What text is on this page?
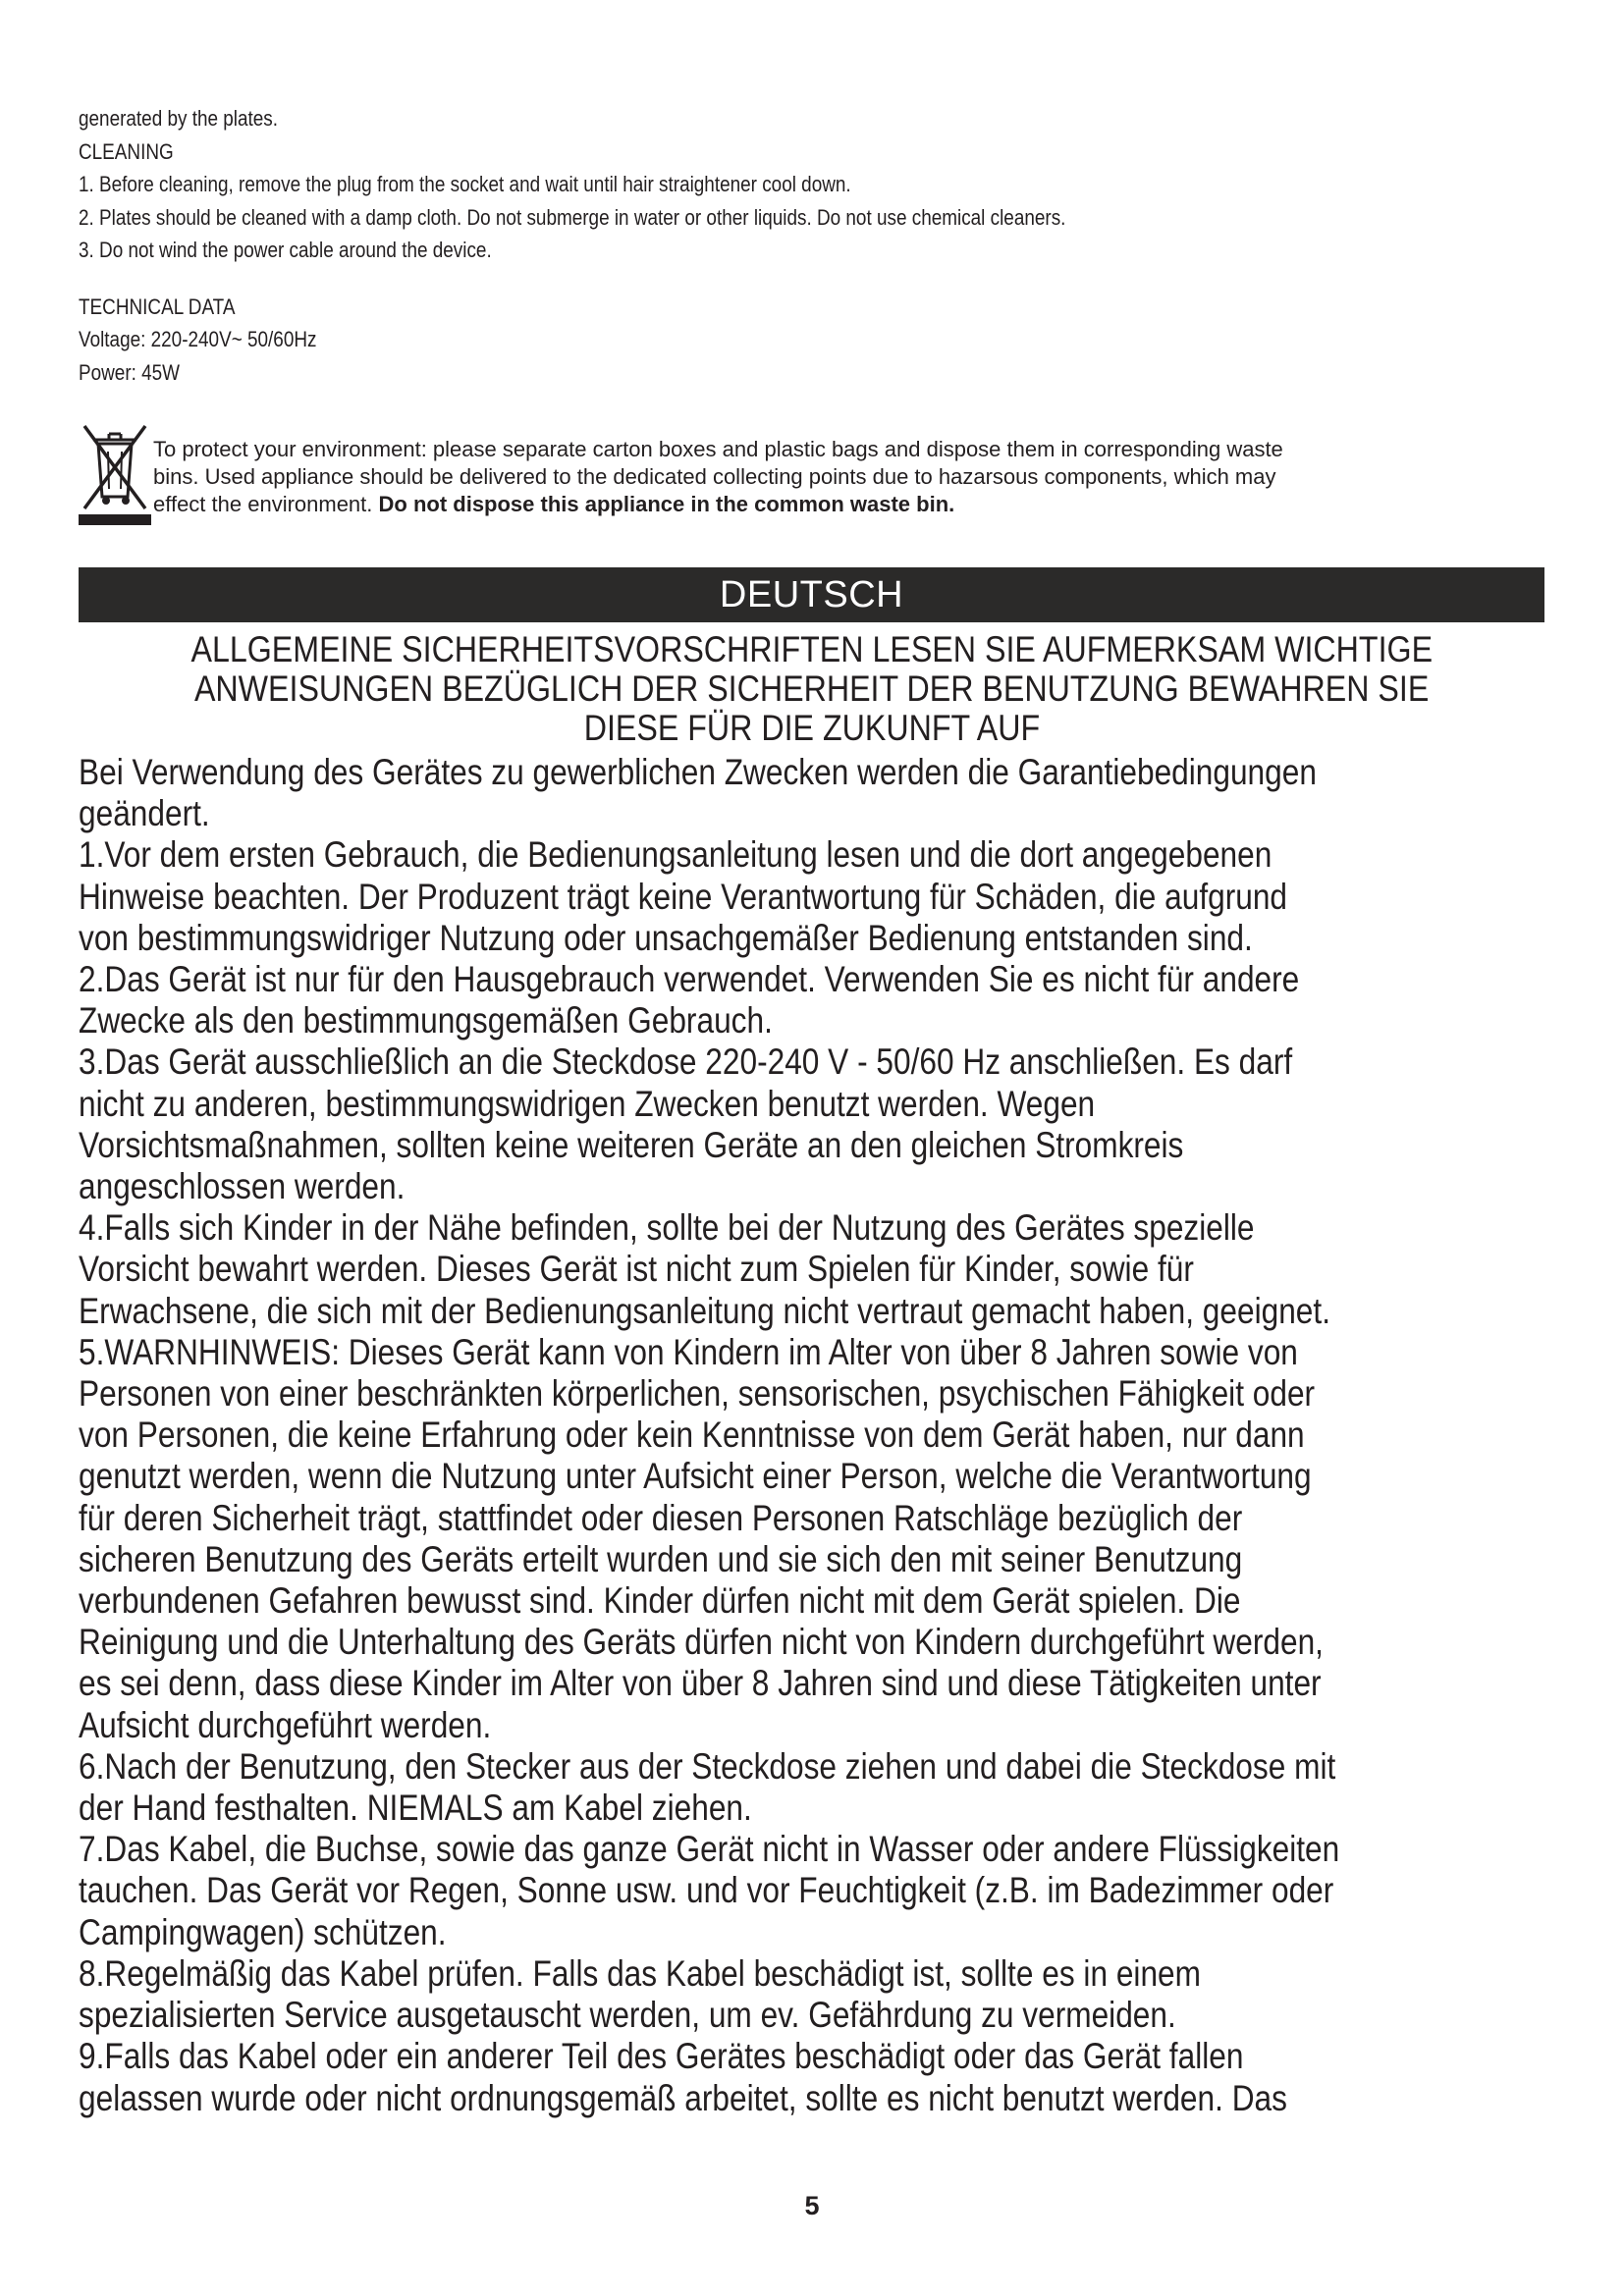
generated by the plates.
CLEANING
1. Before cleaning, remove the plug from the socket and wait until hair straightener cool down.
2. Plates should be cleaned with a damp cloth. Do not submerge in water or other liquids. Do not use chemical cleaners.
3. Do not wind the power cable around the device.
TECHNICAL DATA
Voltage: 220-240V~ 50/60Hz
Power: 45W
To protect your environment: please separate carton boxes and plastic bags and dispose them in corresponding waste
bins. Used appliance should be delivered to the dedicated collecting points due to hazarsous components, which may
effect the environment. Do not dispose this appliance in the common waste bin.
DEUTSCH
ALLGEMEINE SICHERHEITSVORSCHRIFTEN LESEN SIE AUFMERKSAM WICHTIGE
ANWEISUNGEN BEZÜGLICH DER SICHERHEIT DER BENUTZUNG BEWAHREN SIE
DIESE FÜR DIE ZUKUNFT AUF
Bei Verwendung des Gerätes zu gewerblichen Zwecken werden die Garantiebedingungen
geändert.
1.Vor dem ersten Gebrauch, die Bedienungsanleitung lesen und die dort angegebenen
Hinweise beachten. Der Produzent trägt keine Verantwortung für Schäden, die aufgrund
von bestimmungswidriger Nutzung oder unsachgemäßer Bedienung entstanden sind.
2.Das Gerät ist nur für den Hausgebrauch verwendet. Verwenden Sie es nicht für andere
Zwecke als den bestimmungsgemäßen Gebrauch.
3.Das Gerät ausschließlich an die Steckdose 220-240 V - 50/60 Hz anschließen. Es darf
nicht zu anderen, bestimmungswidrigen Zwecken benutzt werden. Wegen
Vorsichtsmaßnahmen, sollten keine weiteren Geräte an den gleichen Stromkreis
angeschlossen werden.
4.Falls sich Kinder in der Nähe befinden, sollte bei der Nutzung des Gerätes spezielle
Vorsicht bewahrt werden. Dieses Gerät ist nicht zum Spielen für Kinder, sowie für
Erwachsene, die sich mit der Bedienungsanleitung nicht vertraut gemacht haben, geeignet.
5.WARNHINWEIS: Dieses Gerät kann von Kindern im Alter von über 8 Jahren sowie von
Personen von einer beschränkten körperlichen, sensorischen, psychischen Fähigkeit oder
von Personen, die keine Erfahrung oder kein Kenntnisse von dem Gerät haben, nur dann
genutzt werden, wenn die Nutzung unter Aufsicht einer Person, welche die Verantwortung
für deren Sicherheit trägt, stattfindet oder diesen Personen Ratschläge bezüglich der
sicheren Benutzung des Geräts erteilt wurden und sie sich den mit seiner Benutzung
verbundenen Gefahren bewusst sind. Kinder dürfen nicht mit dem Gerät spielen. Die
Reinigung und die Unterhaltung des Geräts dürfen nicht von Kindern durchgeführt werden,
es sei denn, dass diese Kinder im Alter von über 8 Jahren sind und diese Tätigkeiten unter
Aufsicht durchgeführt werden.
6.Nach der Benutzung, den Stecker aus der Steckdose ziehen und dabei die Steckdose mit
der Hand festhalten. NIEMALS am Kabel ziehen.
7.Das Kabel, die Buchse, sowie das ganze Gerät nicht in Wasser oder andere Flüssigkeiten
tauchen. Das Gerät vor Regen, Sonne usw. und vor Feuchtigkeit (z.B. im Badezimmer oder
Campingwagen) schützen.
8.Regelmäßig das Kabel prüfen. Falls das Kabel beschädigt ist, sollte es in einem
spezialisierten Service ausgetauscht werden, um ev. Gefährdung zu vermeiden.
9.Falls das Kabel oder ein anderer Teil des Gerätes beschädigt oder das Gerät fallen
gelassen wurde oder nicht ordnungsgemäß arbeitet, sollte es nicht benutzt werden. Das
5
